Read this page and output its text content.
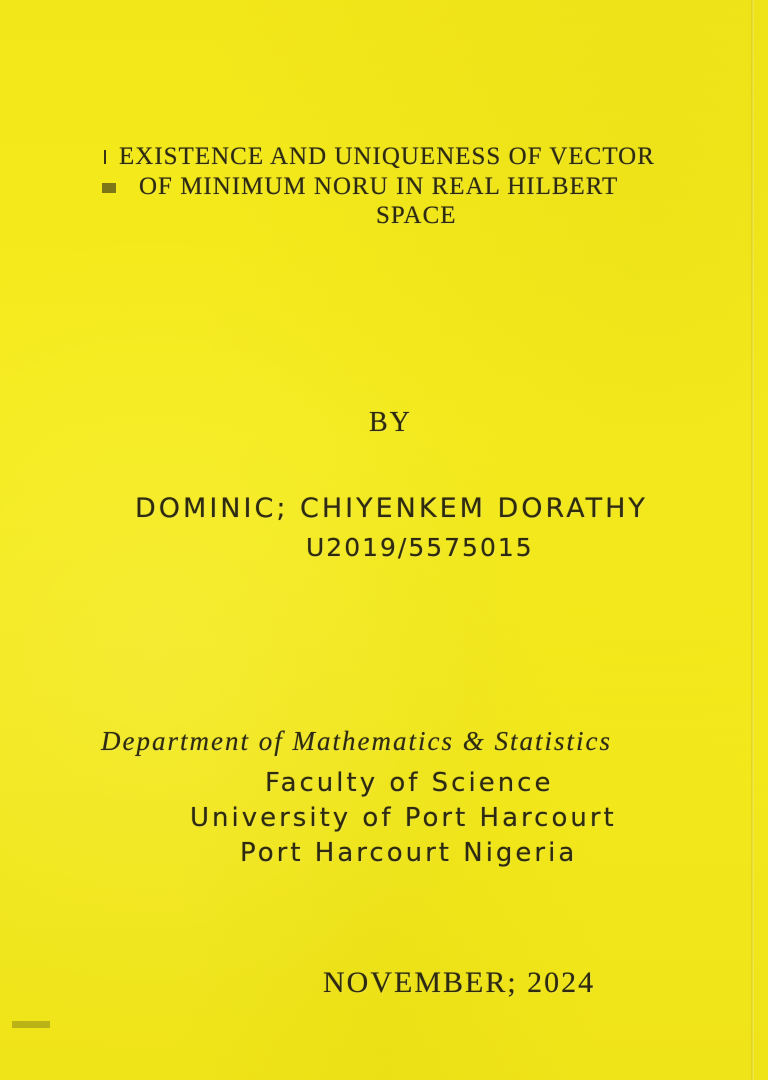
EXISTENCE AND UNIQUENESS OF VECTOR
OF MINIMUM NORU IN REAL HILBERT
SPACE
BY
DOMINIC; CHIYENKEM DORATHY
U2019/5575015
Department of Mathematics & Statistics
Faculty of Science
University of Port Harcourt
Port Harcourt Nigeria
NOVEMBER; 2024
